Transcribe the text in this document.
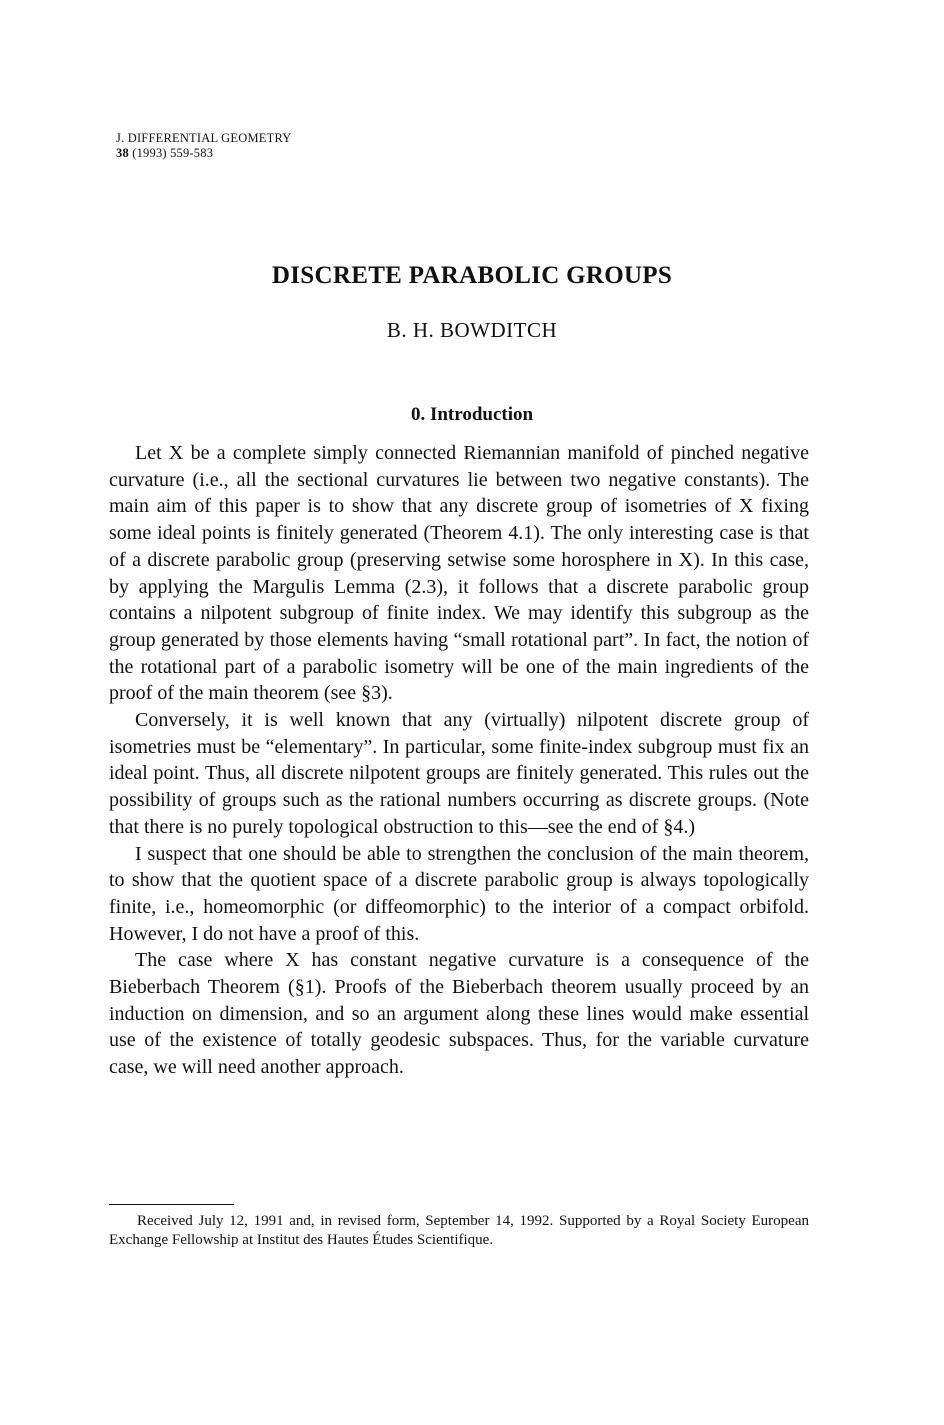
J. DIFFERENTIAL GEOMETRY
38 (1993) 559-583
DISCRETE PARABOLIC GROUPS
B. H. BOWDITCH
0. Introduction

Let X be a complete simply connected Riemannian manifold of pinched negative curvature (i.e., all the sectional curvatures lie between two negative constants). The main aim of this paper is to show that any discrete group of isometries of X fixing some ideal points is finitely generated (Theorem 4.1). The only interesting case is that of a discrete parabolic group (preserving setwise some horosphere in X). In this case, by applying the Margulis Lemma (2.3), it follows that a discrete parabolic group contains a nilpotent subgroup of finite index. We may identify this subgroup as the group generated by those elements having “small rotational part”. In fact, the notion of the rotational part of a parabolic isometry will be one of the main ingredients of the proof of the main theorem (see §3).

Conversely, it is well known that any (virtually) nilpotent discrete group of isometries must be “elementary”. In particular, some finite-index subgroup must fix an ideal point. Thus, all discrete nilpotent groups are finitely generated. This rules out the possibility of groups such as the rational numbers occurring as discrete groups. (Note that there is no purely topological obstruction to this—see the end of §4.)

I suspect that one should be able to strengthen the conclusion of the main theorem, to show that the quotient space of a discrete parabolic group is always topologically finite, i.e., homeomorphic (or diffeomorphic) to the interior of a compact orbifold. However, I do not have a proof of this.

The case where X has constant negative curvature is a consequence of the Bieberbach Theorem (§1). Proofs of the Bieberbach theorem usually proceed by an induction on dimension, and so an argument along these lines would make essential use of the existence of totally geodesic subspaces. Thus, for the variable curvature case, we will need another approach.

Received July 12, 1991 and, in revised form, September 14, 1992. Supported by a Royal Society European Exchange Fellowship at Institut des Hautes Études Scientifique.
